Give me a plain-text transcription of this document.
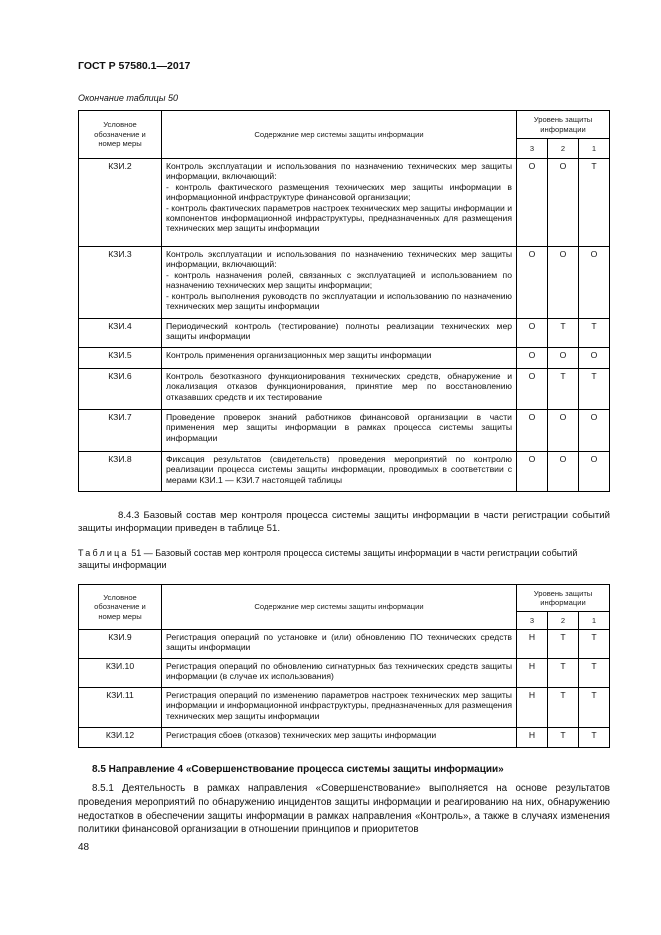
ГОСТ Р 57580.1—2017
Окончание таблицы 50
Условное обозначение и номер меры	Содержание мер системы защиты информации	Уровень защиты информации		
		3	2	1
КЗИ.2	Контроль эксплуатации и использования по назначению технических мер защиты информации, включающий:
- контроль фактического размещения технических мер защиты информации в информационной инфраструктуре финансовой организации;
- контроль фактических параметров настроек технических мер защиты информации и компонентов информационной инфраструктуры, предназначенных для размещения технических мер защиты информации	О	О	Т
КЗИ.3	Контроль эксплуатации и использования по назначению технических мер защиты информации, включающий:
- контроль назначения ролей, связанных с эксплуатацией и использованием по назначению технических мер защиты информации;
- контроль выполнения руководств по эксплуатации и использованию по назначению технических мер защиты информации	О	О	О
КЗИ.4	Периодический контроль (тестирование) полноты реализации технических мер защиты информации	О	Т	Т
КЗИ.5	Контроль применения организационных мер защиты информации	О	О	О
КЗИ.6	Контроль безотказного функционирования технических средств, обнаружение и локализация отказов функционирования, принятие мер по восстановлению отказавших средств и их тестирование	О	Т	Т
КЗИ.7	Проведение проверок знаний работников финансовой организации в части применения мер защиты информации в рамках процесса системы защиты информации	О	О	О
КЗИ.8	Фиксация результатов (свидетельств) проведения мероприятий по контролю реализации процесса системы защиты информации, проводимых в соответствии с мерами КЗИ.1 — КЗИ.7 настоящей таблицы	О	О	О
8.4.3 Базовый состав мер контроля процесса системы защиты информации в части регистрации событий защиты информации приведен в таблице 51.
Таблица 51 — Базовый состав мер контроля процесса системы защиты информации в части регистрации событий защиты информации
Условное обозначение и номер меры	Содержание мер системы защиты информации	Уровень защиты информации		
		3	2	1
КЗИ.9	Регистрация операций по установке и (или) обновлению ПО технических средств защиты информации	Н	Т	Т
КЗИ.10	Регистрация операций по обновлению сигнатурных баз технических средств защиты информации (в случае их использования)	Н	Т	Т
КЗИ.11	Регистрация операций по изменению параметров настроек технических мер защиты информации и информационной инфраструктуры, предназначенных для размещения технических мер защиты информации	Н	Т	Т
КЗИ.12	Регистрация сбоев (отказов) технических мер защиты информации	Н	Т	Т
8.5 Направление 4 «Совершенствование процесса системы защиты информации»
8.5.1 Деятельность в рамках направления «Совершенствование» выполняется на основе результатов проведения мероприятий по обнаружению инцидентов защиты информации и реагированию на них, обнаружению недостатков в обеспечении защиты информации в рамках направления «Контроль», а также в случаях изменения политики финансовой организации в отношении принципов и приоритетов
48
